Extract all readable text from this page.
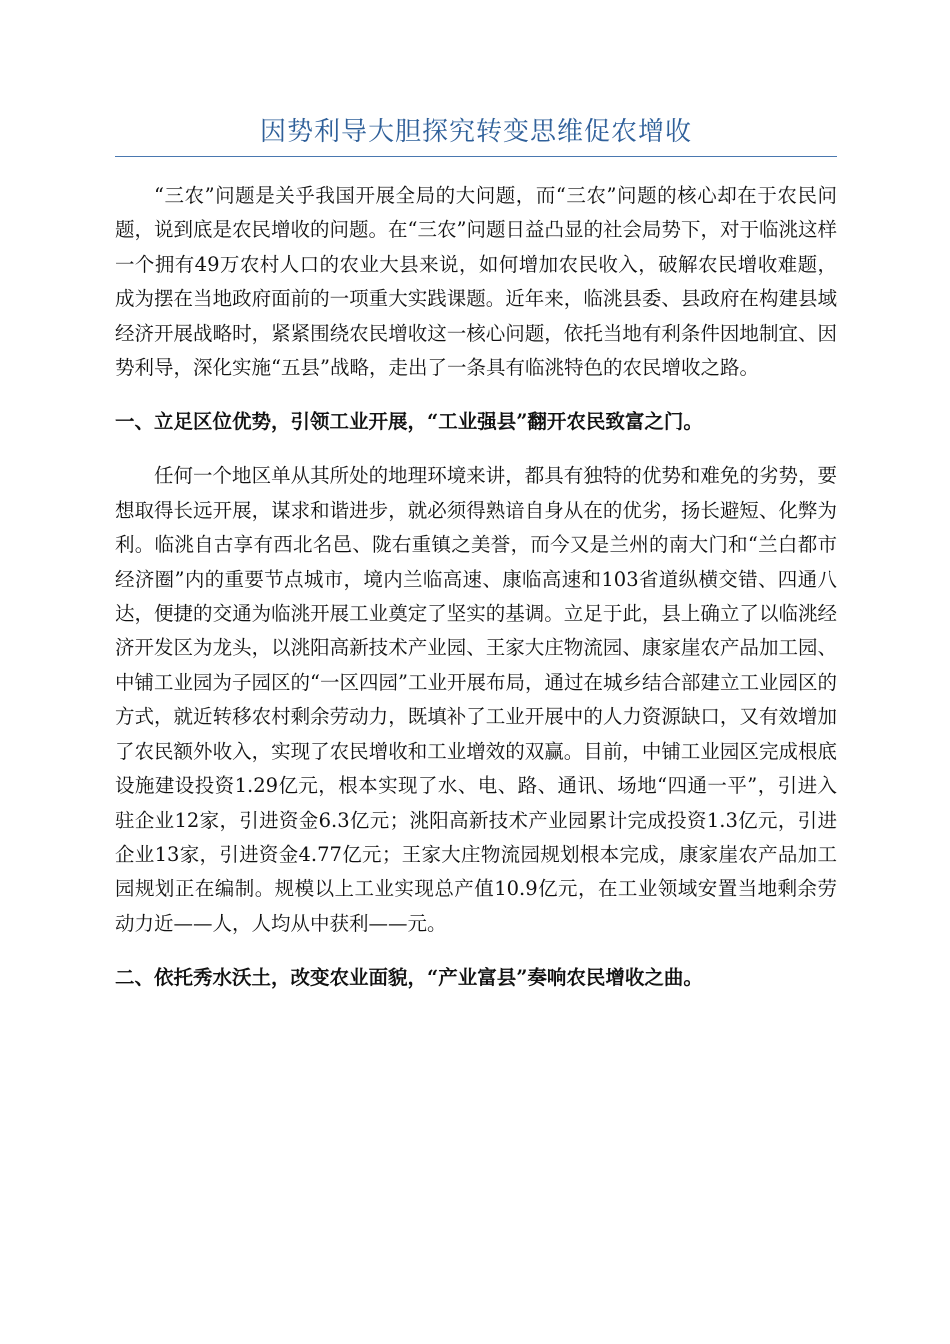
因势利导大胆探究转变思维促农增收

“三农”问题是关乎我国开展全局的大问题，而“三农”问题的核心却在于农民问题，说到底是农民增收的问题。在“三农”问题日益凸显的社会局势下，对于临洮这样一个拥有49万农村人口的农业大县来说，如何增加农民收入，破解农民增收难题，成为摆在当地政府面前的一项重大实践课题。近年来，临洮县委、县政府在构建县域经济开展战略时，紧紧围绕农民增收这一核心问题，依托当地有利条件因地制宜、因势利导，深化实施“五县”战略，走出了一条具有临洮特色的农民增收之路。

一、立足区位优势，引领工业开展，“工业强县”翻开农民致富之门。

任何一个地区单从其所处的地理环境来讲，都具有独特的优势和难免的劣势，要想取得长远开展，谋求和谐进步，就必须得熟谙自身从在的优劣，扬长避短、化弊为利。临洮自古享有西北名邑、陇右重镇之美誉，而今又是兰州的南大门和“兰白都市经济圈”内的重要节点城市，境内兰临高速、康临高速和103省道纵横交错、四通八达，便捷的交通为临洮开展工业奠定了坚实的基调。立足于此，县上确立了以临洮经济开发区为龙头，以洮阳高新技术产业园、王家大庄物流园、康家崖农产品加工园、中铺工业园为子园区的“一区四园”工业开展布局，通过在城乡结合部建立工业园区的方式，就近转移农村剩余劳动力，既填补了工业开展中的人力资源缺口，又有效增加了农民额外收入，实现了农民增收和工业增效的双赢。目前，中铺工业园区完成根底设施建设投资1.29亿元，根本实现了水、电、路、通讯、场地“四通一平”，引进入驻企业12家，引进资金6.3亿元；洮阳高新技术产业园累计完成投资1.3亿元，引进企业13家，引进资金4.77亿元；王家大庄物流园规划根本完成，康家崖农产品加工园规划正在编制。规模以上工业实现总产值10.9亿元，在工业领域安置当地剩余劳动力近——人，人均从中获利——元。

二、依托秀水沃土，改变农业面貌，“产业富县”奏响农民增收之曲。
